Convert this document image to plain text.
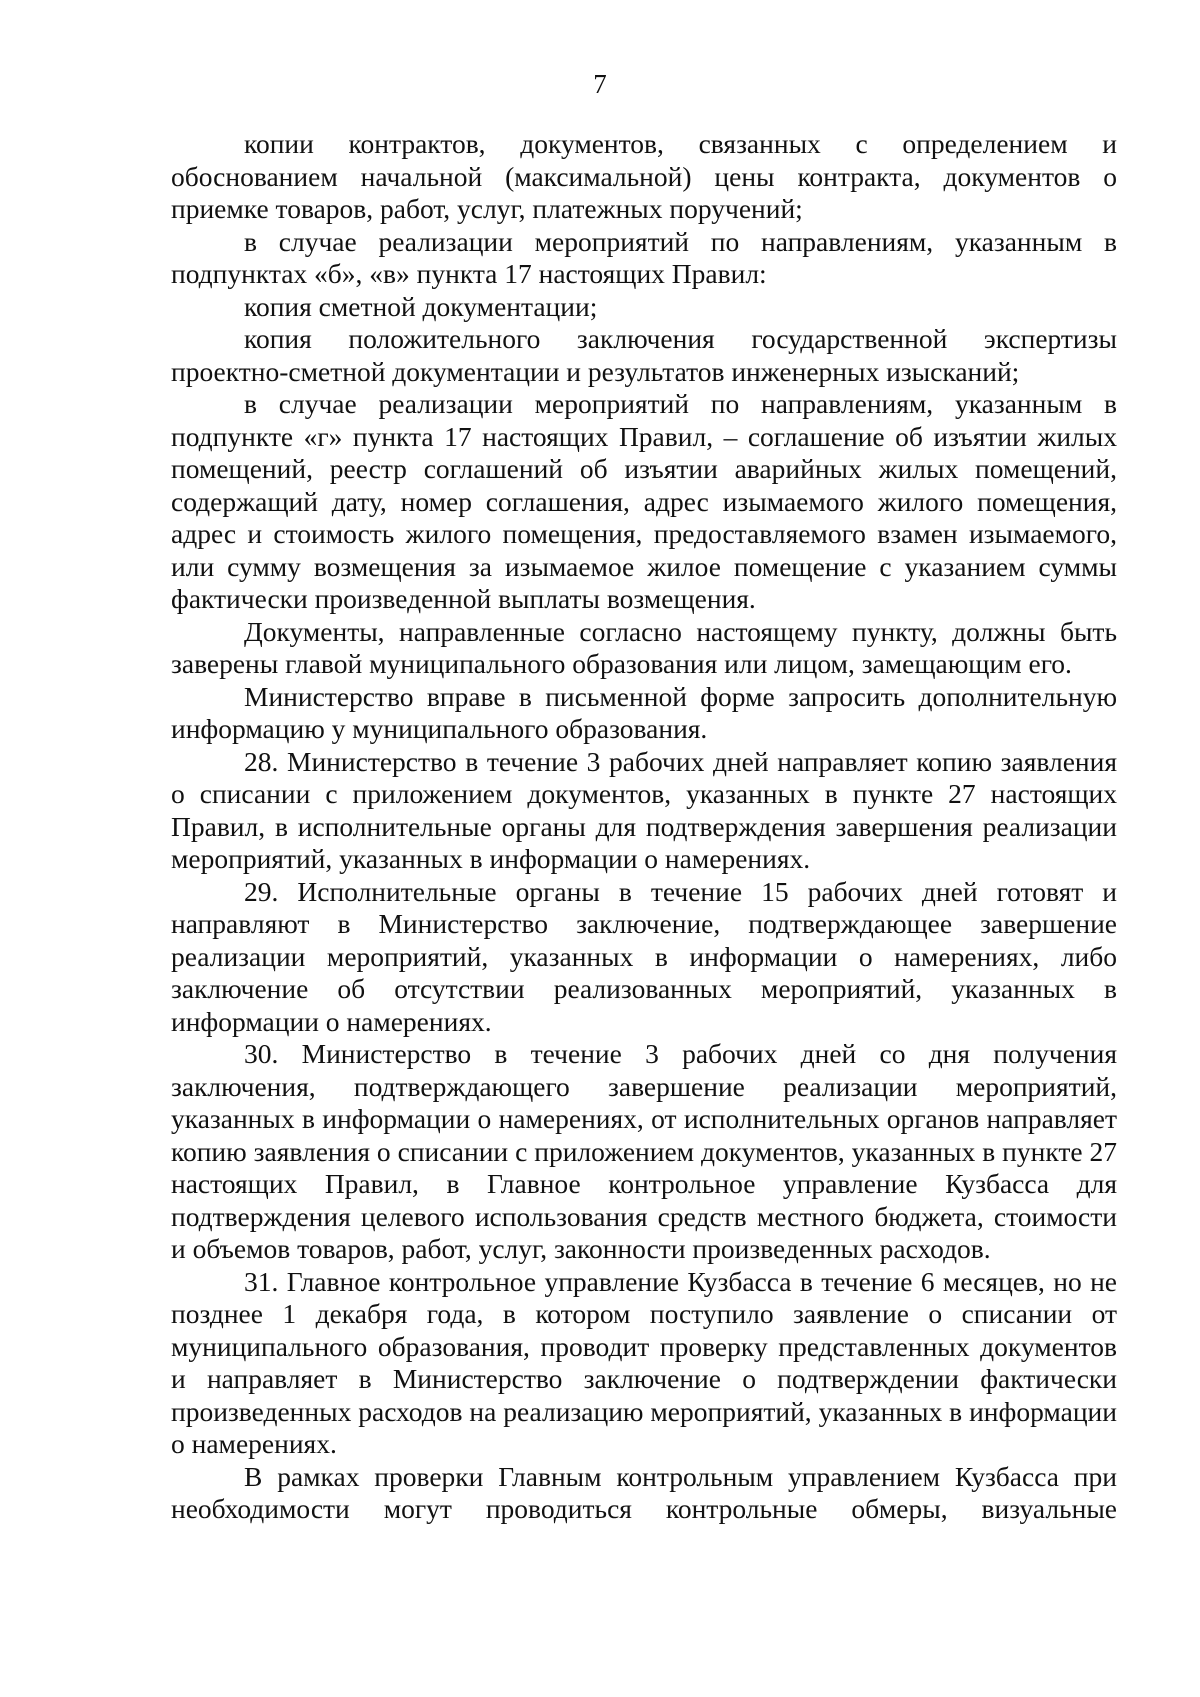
7

копии контрактов, документов, связанных с определением и обоснованием начальной (максимальной) цены контракта, документов о приемке товаров, работ, услуг, платежных поручений;

в случае реализации мероприятий по направлениям, указанным в подпунктах «б», «в» пункта 17 настоящих Правил:

копия сметной документации;

копия положительного заключения государственной экспертизы проектно-сметной документации и результатов инженерных изысканий;

в случае реализации мероприятий по направлениям, указанным в подпункте «г» пункта 17 настоящих Правил, – соглашение об изъятии жилых помещений, реестр соглашений об изъятии аварийных жилых помещений, содержащий дату, номер соглашения, адрес изымаемого жилого помещения, адрес и стоимость жилого помещения, предоставляемого взамен изымаемого, или сумму возмещения за изымаемое жилое помещение с указанием суммы фактически произведенной выплаты возмещения.

Документы, направленные согласно настоящему пункту, должны быть заверены главой муниципального образования или лицом, замещающим его.

Министерство вправе в письменной форме запросить дополнительную информацию у муниципального образования.

28. Министерство в течение 3 рабочих дней направляет копию заявления о списании с приложением документов, указанных в пункте 27 настоящих Правил, в исполнительные органы для подтверждения завершения реализации мероприятий, указанных в информации о намерениях.

29. Исполнительные органы в течение 15 рабочих дней готовят и направляют в Министерство заключение, подтверждающее завершение реализации мероприятий, указанных в информации о намерениях, либо заключение об отсутствии реализованных мероприятий, указанных в информации о намерениях.

30. Министерство в течение 3 рабочих дней со дня получения заключения, подтверждающего завершение реализации мероприятий, указанных в информации о намерениях, от исполнительных органов направляет копию заявления о списании с приложением документов, указанных в пункте 27 настоящих Правил, в Главное контрольное управление Кузбасса для подтверждения целевого использования средств местного бюджета, стоимости и объемов товаров, работ, услуг, законности произведенных расходов.

31. Главное контрольное управление Кузбасса в течение 6 месяцев, но не позднее 1 декабря года, в котором поступило заявление о списании от муниципального образования, проводит проверку представленных документов и направляет в Министерство заключение о подтверждении фактически произведенных расходов на реализацию мероприятий, указанных в информации о намерениях.

В рамках проверки Главным контрольным управлением Кузбасса при необходимости могут проводиться контрольные обмеры, визуальные
